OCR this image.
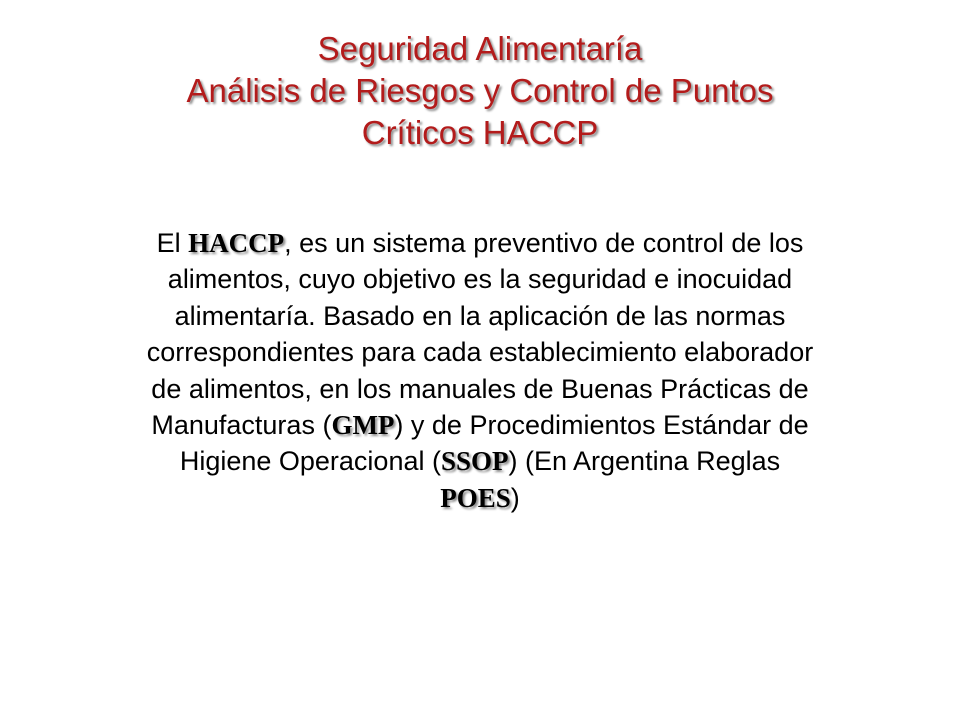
Seguridad Alimentaría
Análisis de Riesgos y Control de Puntos
Críticos HACCP

El HACCP, es un sistema preventivo de control de los alimentos, cuyo objetivo es la seguridad e inocuidad alimentaría. Basado en la aplicación de las normas correspondientes para cada establecimiento elaborador de alimentos, en los manuales de Buenas Prácticas de Manufacturas (GMP) y de Procedimientos Estándar de Higiene Operacional (SSOP) (En Argentina Reglas POES)
